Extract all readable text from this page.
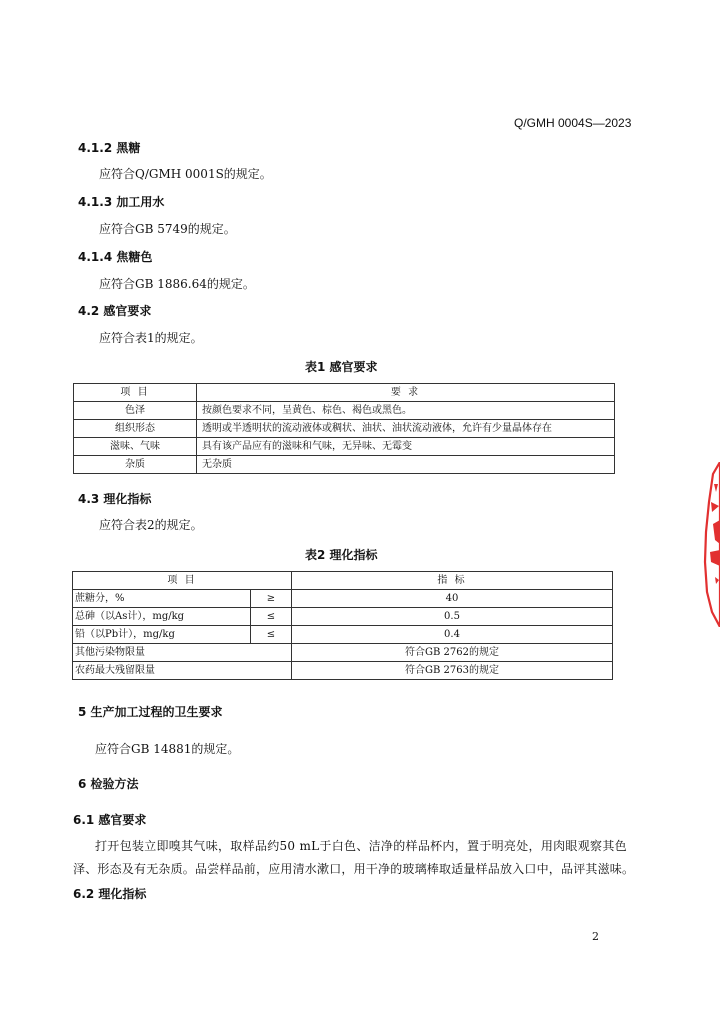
Q/GMH 0004S—2023
4.1.2 黑糖
应符合Q/GMH 0001S的规定。
4.1.3 加工用水
应符合GB 5749的规定。
4.1.4 焦糖色
应符合GB 1886.64的规定。
4.2 感官要求
应符合表1的规定。
表1 感官要求
项 目	要 求
色泽	按颜色要求不同，呈黄色、棕色、褐色或黑色。
组织形态	透明或半透明状的流动液体或稠状、油状、油状流动液体，允许有少量晶体存在
滋味、气味	具有该产品应有的滋味和气味，无异味、无霉变
杂质	无杂质
4.3 理化指标
应符合表2的规定。
表2 理化指标
项 目		指 标
蔗糖分，%	≥	40
总砷（以As计），mg/kg	≤	0.5
铅（以Pb计），mg/kg	≤	0.4
其他污染物限量		符合GB 2762的规定
农药最大残留限量		符合GB 2763的规定
5 生产加工过程的卫生要求
应符合GB 14881的规定。
6 检验方法
6.1 感官要求
打开包装立即嗅其气味，取样品约50 mL于白色、洁净的样品杯内，置于明亮处，用肉眼观察其色
泽、形态及有无杂质。品尝样品前，应用清水漱口，用干净的玻璃棒取适量样品放入口中，品评其滋味。
6.2 理化指标
2
